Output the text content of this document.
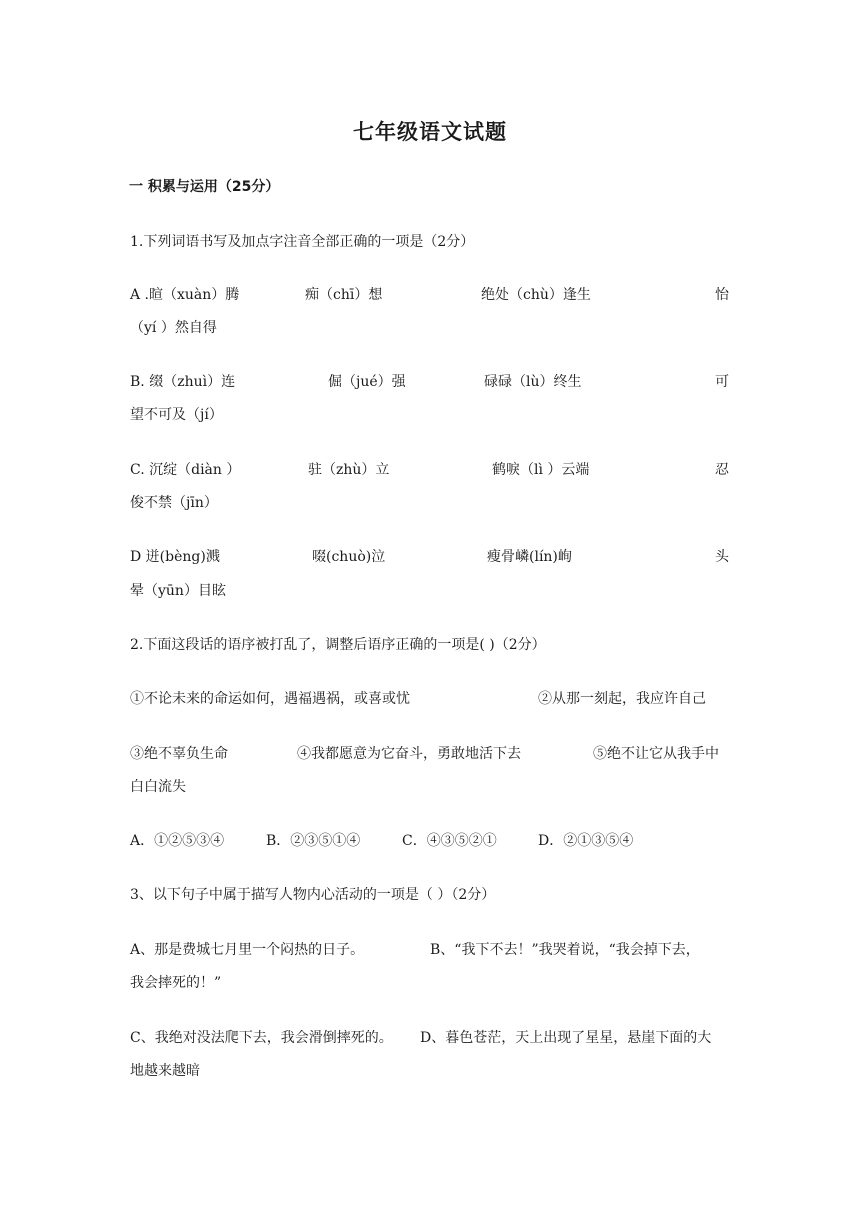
七年级语文试题
一 积累与运用（25分）
1.下列词语书写及加点字注音全部正确的一项是（2分）
A .暄（xuàn）腾	痴（chī）想	绝处（chù）逢生	怡
（yí ）然自得
B. 缀（zhuì）连	倔（jué）强	碌碌（lù）终生	可
望不可及（jí）
C. 沉绽（diàn ）	驻（zhù）立	鹤唳（lì ）云端	忍
俊不禁（jīn）
D 迸(bèng)溅	啜(chuò)泣	瘦骨嶙(lín)峋	头
晕（yūn）目眩
2.下面这段话的语序被打乱了，调整后语序正确的一项是( )（2分）
①不论未来的命运如何，遇福遇祸，或喜或忧	②从那一刻起，我应许自己
③绝不辜负生命	④我都愿意为它奋斗，勇敢地活下去	⑤绝不让它从我手中
白白流失
A．①②⑤③④	B．②③⑤①④	C．④③⑤②①	D．②①③⑤④
3、以下句子中属于描写人物内心活动的一项是（ ）（2分）
A、那是费城七月里一个闷热的日子。	B、“我下不去！”我哭着说，“我会掉下去，
我会摔死的！”
C、我绝对没法爬下去，我会滑倒摔死的。 D、暮色苍茫，天上出现了星星，悬崖下面的大
地越来越暗
